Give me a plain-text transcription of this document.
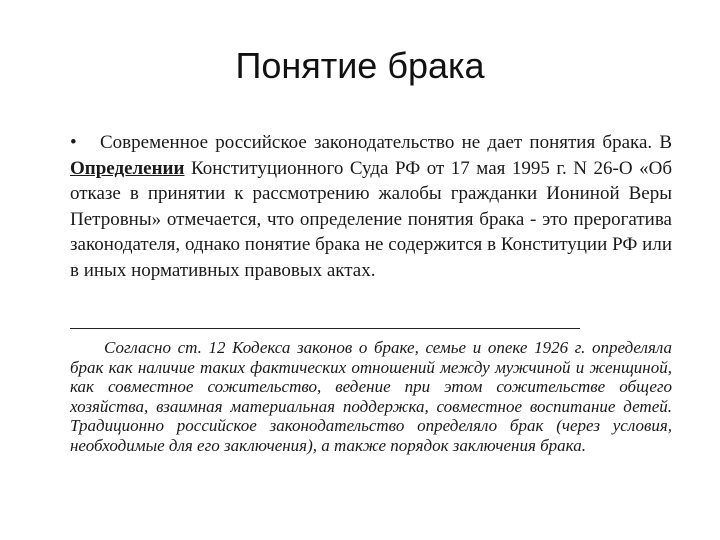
Понятие брака

• Современное российское законодательство не дает понятия брака. В Определении Конституционного Суда РФ от 17 мая 1995 г. N 26-О «Об отказе в принятии к рассмотрению жалобы гражданки Иониной Веры Петровны» отмечается, что определение понятия брака - это прерогатива законодателя, однако понятие брака не содержится в Конституции РФ или в иных нормативных правовых актах.

Согласно ст. 12 Кодекса законов о браке, семье и опеке 1926 г. определяла брак как наличие таких фактических отношений между мужчиной и женщиной, как совместное сожительство, ведение при этом сожительстве общего хозяйства, взаимная материальная поддержка, совместное воспитание детей. Традиционно российское законодательство определяло брак (через условия, необходимые для его заключения), а также порядок заключения брака.
